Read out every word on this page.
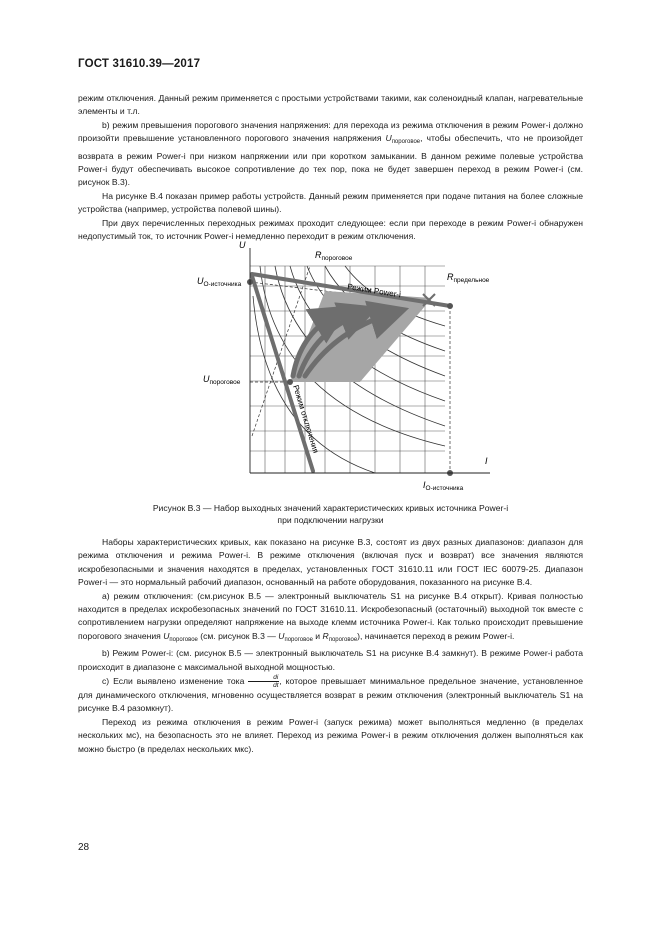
ГОСТ 31610.39—2017

режим отключения. Данный режим применяется с простыми устройствами такими, как соленоидный клапан, нагревательные элементы и т.л.

b) режим превышения порогового значения напряжения: для перехода из режима отключения в режим Power-i должно произойти превышение установленного порогового значения напряжения $U_{пороговое}$, чтобы обеспечить, что не произойдет возврата в режим Power-i при низком напряжении или при коротком замыкании. В данном режиме полевые устройства Power-i будут обеспечивать высокое сопротивление до тех пор, пока не будет завершен переход в режим Power-i (см. рисунок В.3).

На рисунке В.4 показан пример работы устройств. Данный режим применяется при подаче питания на более сложные устройства (например, устройства полевой шины).

При двух перечисленных переходных режимах проходит следующее: если при переходе в режим Power-i обнаружен недопустимый ток, то источник Power-i немедленно переходит в режим отключения.

U
I
$U_{O-источника}$
$U_{пороговое}$
$R_{пороговое}$
$R_{предельное}$
$I_{O-источника}$
Режим Power-i
Режим отключения
Рисунок В.3 — Набор выходных значений характеристических кривых источника Power-i
при подключении нагрузки

Наборы характеристических кривых, как показано на рисунке В.3, состоят из двух разных диапазонов: диапазон для режима отключения и режима Power-i. В режиме отключения (включая пуск и возврат) все значения являются искробезопасными и значения находятся в пределах, установленных ГОСТ 31610.11 или ГОСТ IEC 60079-25. Диапазон Power-i — это нормальный рабочий диапазон, основанный на работе оборудования, показанного на рисунке В.4.

а) режим отключения: (см.рисунок В.5 — электронный выключатель S1 на рисунке В.4 открыт). Кривая полностью находится в пределах искробезопасных значений по ГОСТ 31610.11. Искробезопасный (остаточный) выходной ток вместе с сопротивлением нагрузки определяют напряжение на выходе клемм источника Power-i. Как только происходит превышение порогового значения $U_{пороговое}$ (см. рисунок В.3 — $U_{пороговое}$ и $R_{пороговое}$), начинается переход в режим Power-i.

b) Режим Power-i: (см. рисунок В.5 — электронный выключатель S1 на рисунке В.4 замкнут). В режиме Power-i работа происходит в диапазоне с максимальной выходной мощностью.

c) Если выявлено изменение тока $\frac{di}{dt}$ , которое превышает минимальное предельное значение, установленное для динамического отключения, мгновенно осуществляется возврат в режим отключения (электронный выключатель S1 на рисунке В.4 разомкнут).

Переход из режима отключения в режим Power-i (запуск режима) может выполняться медленно (в пределах нескольких мс), на безопасность это не влияет. Переход из режима Power-i в режим отключения должен выполняться как можно быстро (в пределах нескольких мкс).

28
